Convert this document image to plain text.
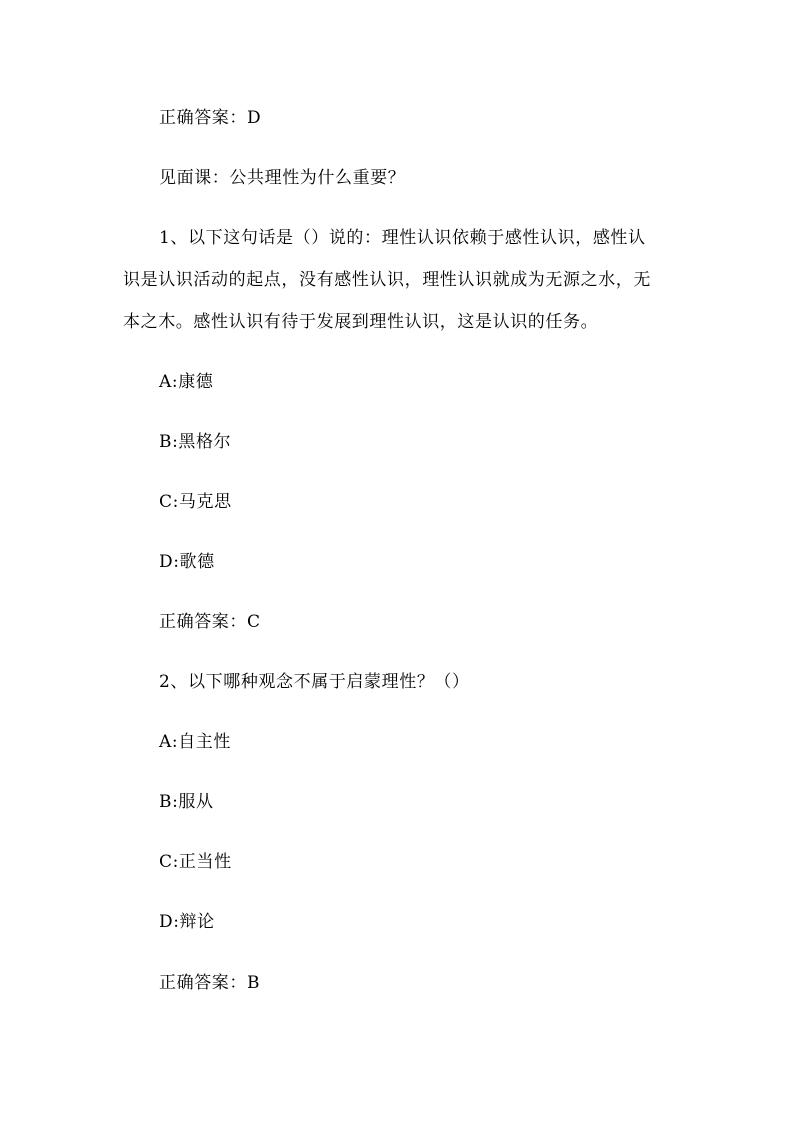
正确答案：D
见面课：公共理性为什么重要？
1、以下这句话是（）说的：理性认识依赖于感性认识，感性认
识是认识活动的起点，没有感性认识，理性认识就成为无源之水，无
本之木。感性认识有待于发展到理性认识，这是认识的任务。
A:康德
B:黑格尔
C:马克思
D:歌德
正确答案：C
2、以下哪种观念不属于启蒙理性？（）
A:自主性
B:服从
C:正当性
D:辩论
正确答案：B
